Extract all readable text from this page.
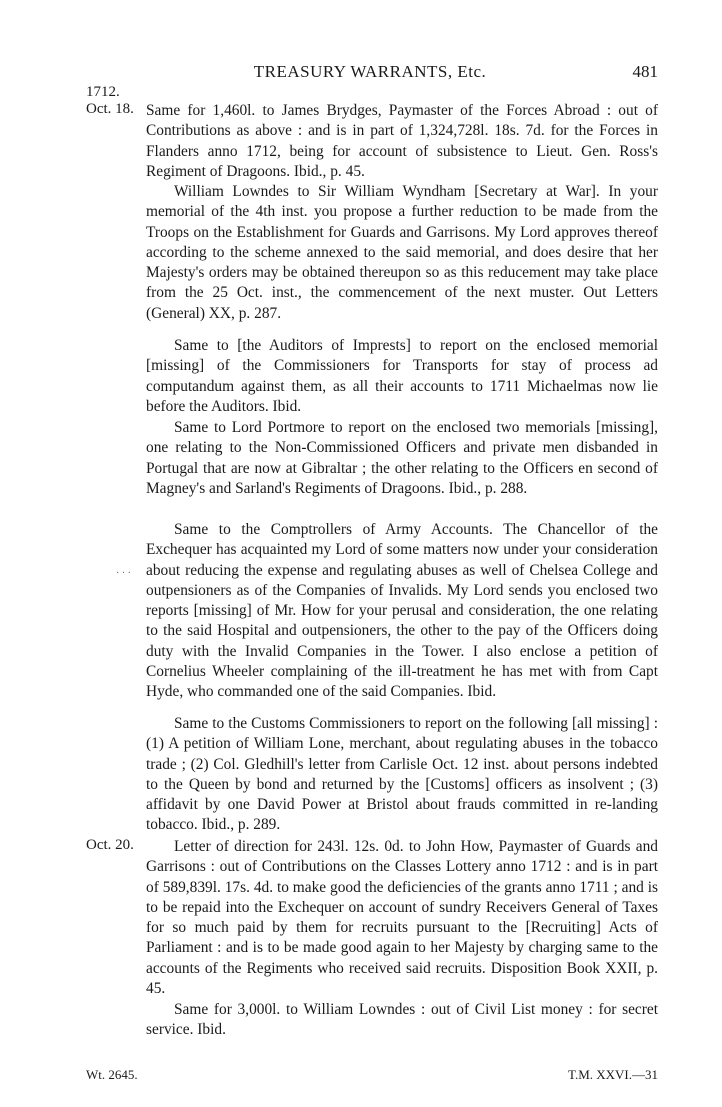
TREASURY WARRANTS, Etc.	481
1712.
Oct. 18. Same for 1,460l. to James Brydges, Paymaster of the Forces Abroad : out of Contributions as above : and is in part of 1,324,728l. 18s. 7d. for the Forces in Flanders anno 1712, being for account of subsistence to Lieut. Gen. Ross's Regiment of Dragoons. Ibid., p. 45.

William Lowndes to Sir William Wyndham [Secretary at War]. In your memorial of the 4th inst. you propose a further reduction to be made from the Troops on the Establishment for Guards and Garrisons. My Lord approves thereof according to the scheme annexed to the said memorial, and does desire that her Majesty's orders may be obtained thereupon so as this reducement may take place from the 25 Oct. inst., the commencement of the next muster. Out Letters (General) XX, p. 287.

Same to [the Auditors of Imprests] to report on the enclosed memorial [missing] of the Commissioners for Transports for stay of process ad computandum against them, as all their accounts to 1711 Michaelmas now lie before the Auditors. Ibid.

Same to Lord Portmore to report on the enclosed two memorials [missing], one relating to the Non-Commissioned Officers and private men disbanded in Portugal that are now at Gibraltar ; the other relating to the Officers en second of Magney's and Sarland's Regiments of Dragoons. Ibid., p. 288.

· · ·

Same to the Comptrollers of Army Accounts. The Chancellor of the Exchequer has acquainted my Lord of some matters now under your consideration about reducing the expense and regulating abuses as well of Chelsea College and outpensioners as of the Companies of Invalids. My Lord sends you enclosed two reports [missing] of Mr. How for your perusal and consideration, the one relating to the said Hospital and outpensioners, the other to the pay of the Officers doing duty with the Invalid Companies in the Tower. I also enclose a petition of Cornelius Wheeler complaining of the ill-treatment he has met with from Capt Hyde, who commanded one of the said Companies. Ibid.

Same to the Customs Commissioners to report on the following [all missing] : (1) A petition of William Lone, merchant, about regulating abuses in the tobacco trade ; (2) Col. Gledhill's letter from Carlisle Oct. 12 inst. about persons indebted to the Queen by bond and returned by the [Customs] officers as insolvent ; (3) affidavit by one David Power at Bristol about frauds committed in re-landing tobacco. Ibid., p. 289.

Oct. 20.	Letter of direction for 243l. 12s. 0d. to John How, Paymaster of Guards and Garrisons : out of Contributions on the Classes Lottery anno 1712 : and is in part of 589,839l. 17s. 4d. to make good the deficiencies of the grants anno 1711 ; and is to be repaid into the Exchequer on account of sundry Receivers General of Taxes for so much paid by them for recruits pursuant to the [Recruiting] Acts of Parliament : and is to be made good again to her Majesty by charging same to the accounts of the Regiments who received said recruits. Disposition Book XXII, p. 45.

Same for 3,000l. to William Lowndes : out of Civil List money : for secret service. Ibid.

Wt. 2645.	T.M. XXVI.—31
